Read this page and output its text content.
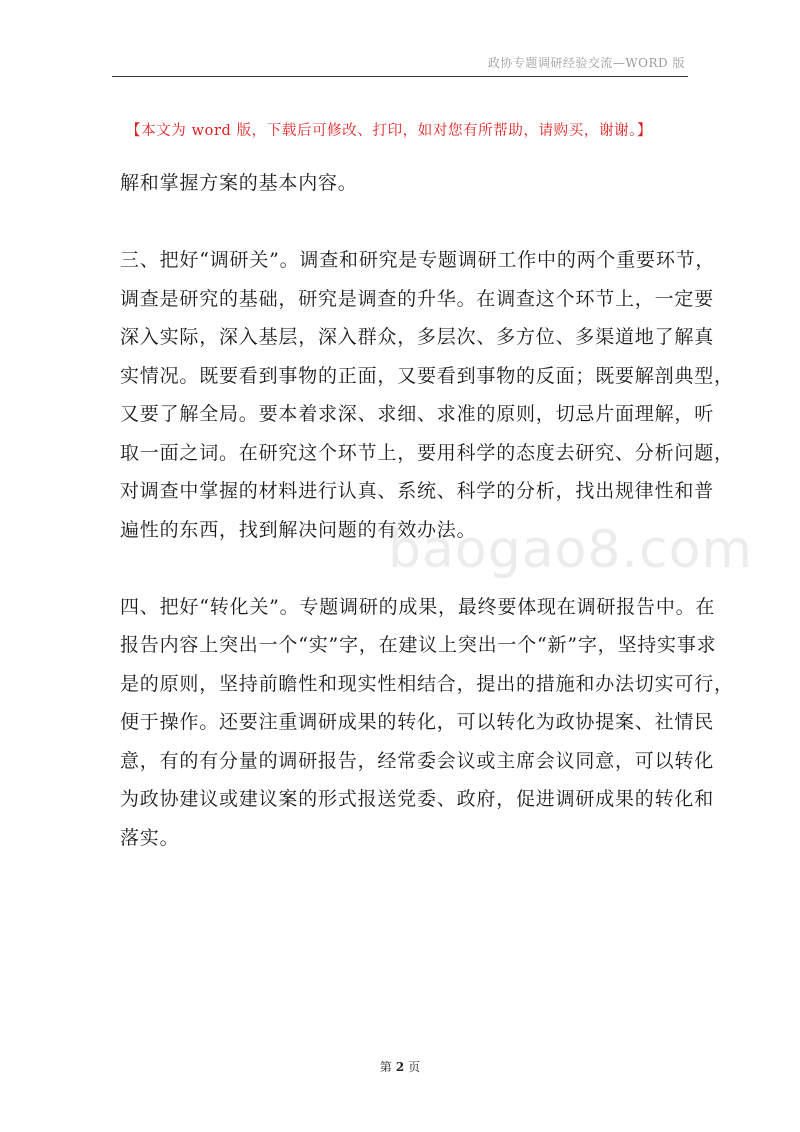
政协专题调研经验交流—WORD 版
【本文为 word 版，下载后可修改、打印，如对您有所帮助，请购买，谢谢。】

解和掌握方案的基本内容。

三、把好“调研关”。调查和研究是专题调研工作中的两个重要环节，
调查是研究的基础，研究是调查的升华。在调查这个环节上，一定要
深入实际，深入基层，深入群众，多层次、多方位、多渠道地了解真
实情况。既要看到事物的正面，又要看到事物的反面；既要解剖典型，
又要了解全局。要本着求深、求细、求准的原则，切忌片面理解，听
取一面之词。在研究这个环节上，要用科学的态度去研究、分析问题，
对调查中掌握的材料进行认真、系统、科学的分析，找出规律性和普
遍性的东西，找到解决问题的有效办法。

四、把好“转化关”。专题调研的成果，最终要体现在调研报告中。在
报告内容上突出一个“实”字，在建议上突出一个“新”字，坚持实事求
是的原则，坚持前瞻性和现实性相结合，提出的措施和办法切实可行，
便于操作。还要注重调研成果的转化，可以转化为政协提案、社情民
意，有的有分量的调研报告，经常委会议或主席会议同意，可以转化
为政协建议或建议案的形式报送党委、政府，促进调研成果的转化和
落实。

baogao8.com
第 2 页
